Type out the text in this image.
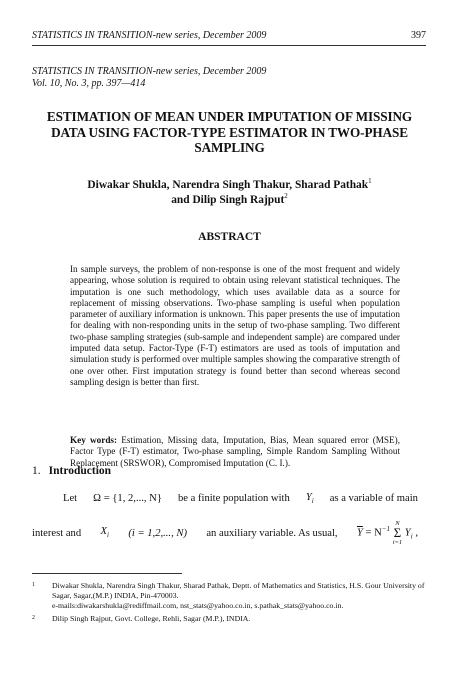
STATISTICS IN TRANSITION-new series, December 2009	397
STATISTICS IN TRANSITION-new series, December 2009
Vol. 10, No. 3, pp. 397—414
ESTIMATION OF MEAN UNDER IMPUTATION OF MISSING DATA USING FACTOR-TYPE ESTIMATOR IN TWO-PHASE SAMPLING
Diwakar Shukla, Narendra Singh Thakur, Sharad Pathak$^1$
and Dilip Singh Rajput$^2$
ABSTRACT

In sample surveys, the problem of non-response is one of the most frequent and widely appearing, whose solution is required to obtain using relevant statistical techniques. The imputation is one such methodology, which uses available data as a source for replacement of missing observations. Two-phase sampling is useful when population parameter of auxiliary information is unknown. This paper presents the use of imputation for dealing with non-responding units in the setup of two-phase sampling. Two different two-phase sampling strategies (sub-sample and independent sample) are compared under imputed data setup. Factor-Type (F-T) estimators are used as tools of imputation and simulation study is performed over multiple samples showing the comparative strength of one over other. First imputation strategy is found better than second whereas second sampling design is better than first.

Key words: Estimation, Missing data, Imputation, Bias, Mean squared error (MSE), Factor Type (F-T) estimator, Two-phase sampling, Simple Random Sampling Without Replacement (SRSWOR), Compromised Imputation (C. I.).

1. Introduction
Let Ω = {1, 2,..., N} be a finite population with $Y_i$ as a variable of main
interest and $X_i$ (i = 1,2,..., N) an auxiliary variable. As usual, $\overline{Y} = N^{-1}$
N
Σ
i=1
$Y_i$ ,
1	Diwakar Shukla, Narendra Singh Thakur, Sharad Pathak, Deptt. of Mathematics and Statistics, H.S. Gour University of Sagar, Sagar,(M.P.) INDIA, Pin-470003.
e-mails:diwakarshukla@rediffmail.com, nst_stats@yahoo.co.in, s.pathak_stats@yahoo.co.in.
2	Dilip Singh Rajput, Govt. College, Rehli, Sagar (M.P.), INDIA.
